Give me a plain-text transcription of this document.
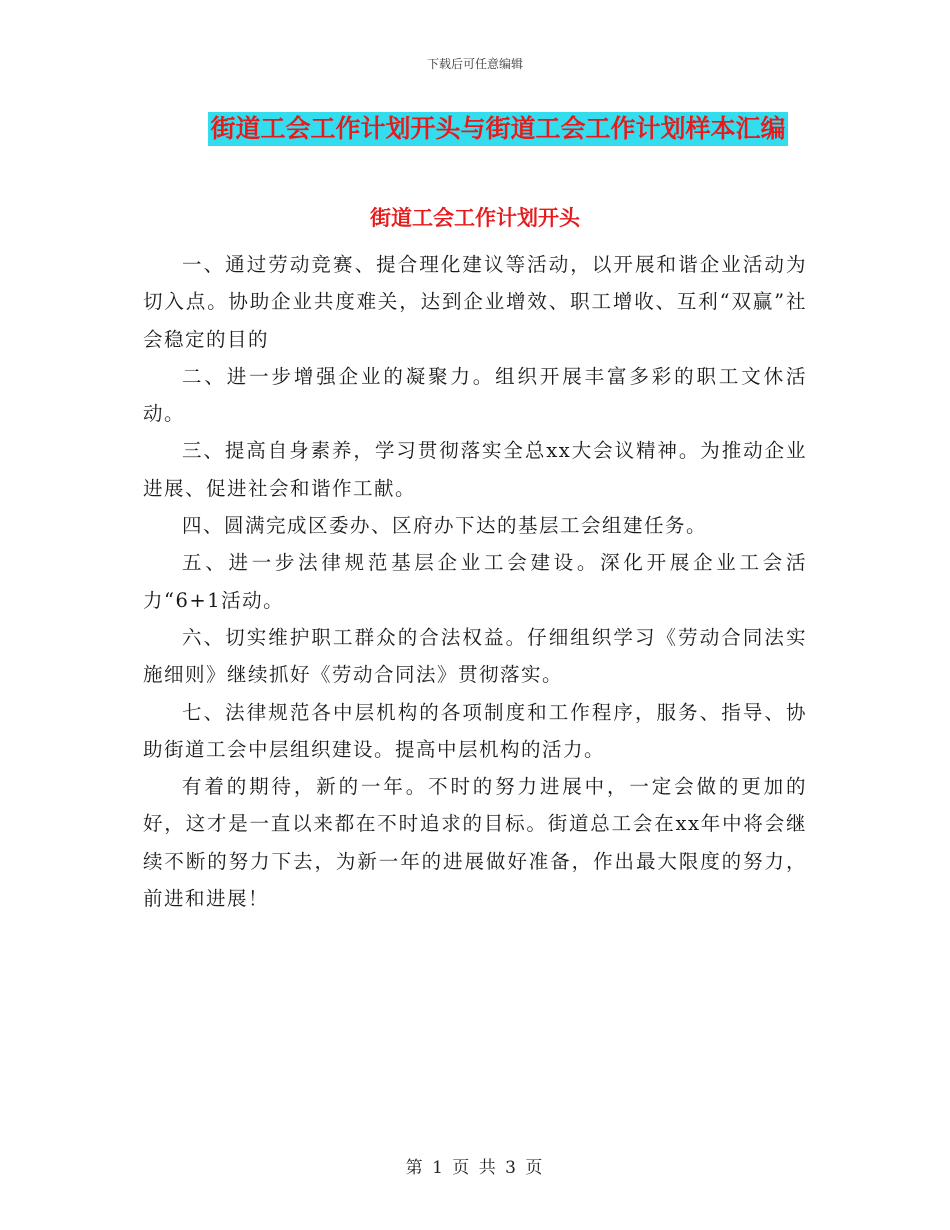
下载后可任意编辑
街道工会工作计划开头与街道工会工作计划样本汇编
街道工会工作计划开头

一、通过劳动竞赛、提合理化建议等活动，以开展和谐企业活动为切入点。协助企业共度难关，达到企业增效、职工增收、互利“双赢”社会稳定的目的

二、进一步增强企业的凝聚力。组织开展丰富多彩的职工文休活动。

三、提高自身素养，学习贯彻落实全总xx大会议精神。为推动企业进展、促进社会和谐作工献。

四、圆满完成区委办、区府办下达的基层工会组建任务。

五、进一步法律规范基层企业工会建设。深化开展企业工会活力“6+1活动。

六、切实维护职工群众的合法权益。仔细组织学习《劳动合同法实施细则》继续抓好《劳动合同法》贯彻落实。

七、法律规范各中层机构的各项制度和工作程序，服务、指导、协助街道工会中层组织建设。提高中层机构的活力。

有着的期待，新的一年。不时的努力进展中，一定会做的更加的好，这才是一直以来都在不时追求的目标。街道总工会在xx年中将会继续不断的努力下去，为新一年的进展做好准备，作出最大限度的努力，前进和进展！

第 1 页 共 3 页
